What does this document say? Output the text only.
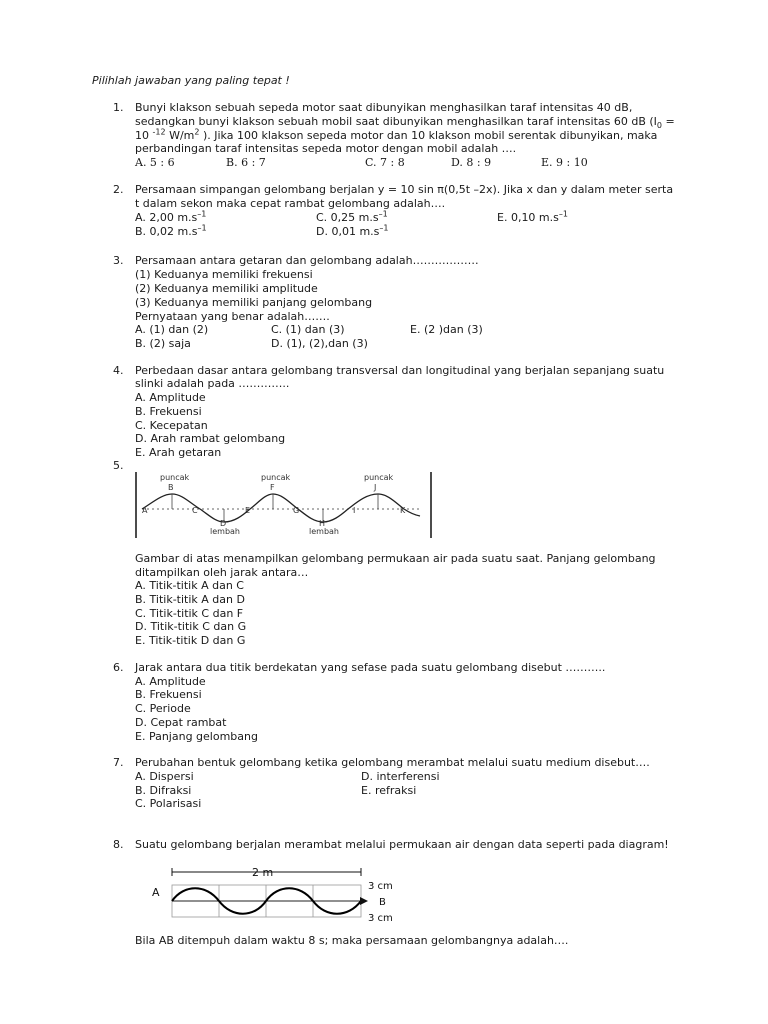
Pilihlah jawaban yang paling tepat !
1. Bunyi klakson sebuah sepeda motor saat dibunyikan menghasilkan taraf intensitas 40 dB,
sedangkan bunyi klakson sebuah mobil saat dibunyikan menghasilkan taraf intensitas 60 dB ($I_0$ =
10 $^{-12}$ $W/m^2$ ). Jika 100 klakson sepeda motor dan 10 klakson mobil serentak dibunyikan, maka
perbandingan taraf intensitas sepeda motor dengan mobil adalah ….
A. 5 : 6	B. 6 : 7	C. 7 : 8	D. 8 : 9	E. 9 : 10
2. Persamaan simpangan gelombang berjalan y = 10 sin π(0,5t –2x). Jika x dan y dalam meter serta
t dalam sekon maka cepat rambat gelombang adalah….
A. 2,00 $m.s^{-1}$
B. 0,02 $m.s^{-1}$
C. 0,25 $m.s^{-1}$
D. 0,01 $m.s^{-1}$
E. 0,10 $m.s^{-1}$
3. Persamaan antara getaran dan gelombang adalah………………
(1) Keduanya memiliki frekuensi
(2) Keduanya memiliki amplitude
(3) Keduanya memiliki panjang gelombang
Pernyataan yang benar adalah…….
A. (1) dan (2)
B. (2) saja
C. (1) dan (3)
D. (1), (2),dan (3)
E. (2 )dan (3)
4. Perbedaan dasar antara gelombang transversal dan longitudinal yang berjalan sepanjang suatu
slinki adalah pada …………..
A. Amplitude
B. Frekuensi
C. Kecepatan
D. Arah rambat gelombang
E. Arah getaran
5.
puncak	puncak	puncak
lembah	lembah
A
B
C
D
E
F
G
H
I
J
K
Gambar di atas menampilkan gelombang permukaan air pada suatu saat. Panjang gelombang
ditampilkan oleh jarak antara…
A. Titik-titik A dan C
B. Titik-titik A dan D
C. Titik-titik C dan F
D. Titik-titik C dan G
E. Titik-titik D dan G
6. Jarak antara dua titik berdekatan yang sefase pada suatu gelombang disebut ………..
A. Amplitude
B. Frekuensi
C. Periode
D. Cepat rambat
E. Panjang gelombang
7. Perubahan bentuk gelombang ketika gelombang merambat melalui suatu medium disebut….
A. Dispersi
B. Difraksi
C. Polarisasi
D. interferensi
E. refraksi
8. Suatu gelombang berjalan merambat melalui permukaan air dengan data seperti pada diagram!
2 m
A	3 cm
B
3 cm
Bila AB ditempuh dalam waktu 8 s; maka persamaan gelombangnya adalah….
